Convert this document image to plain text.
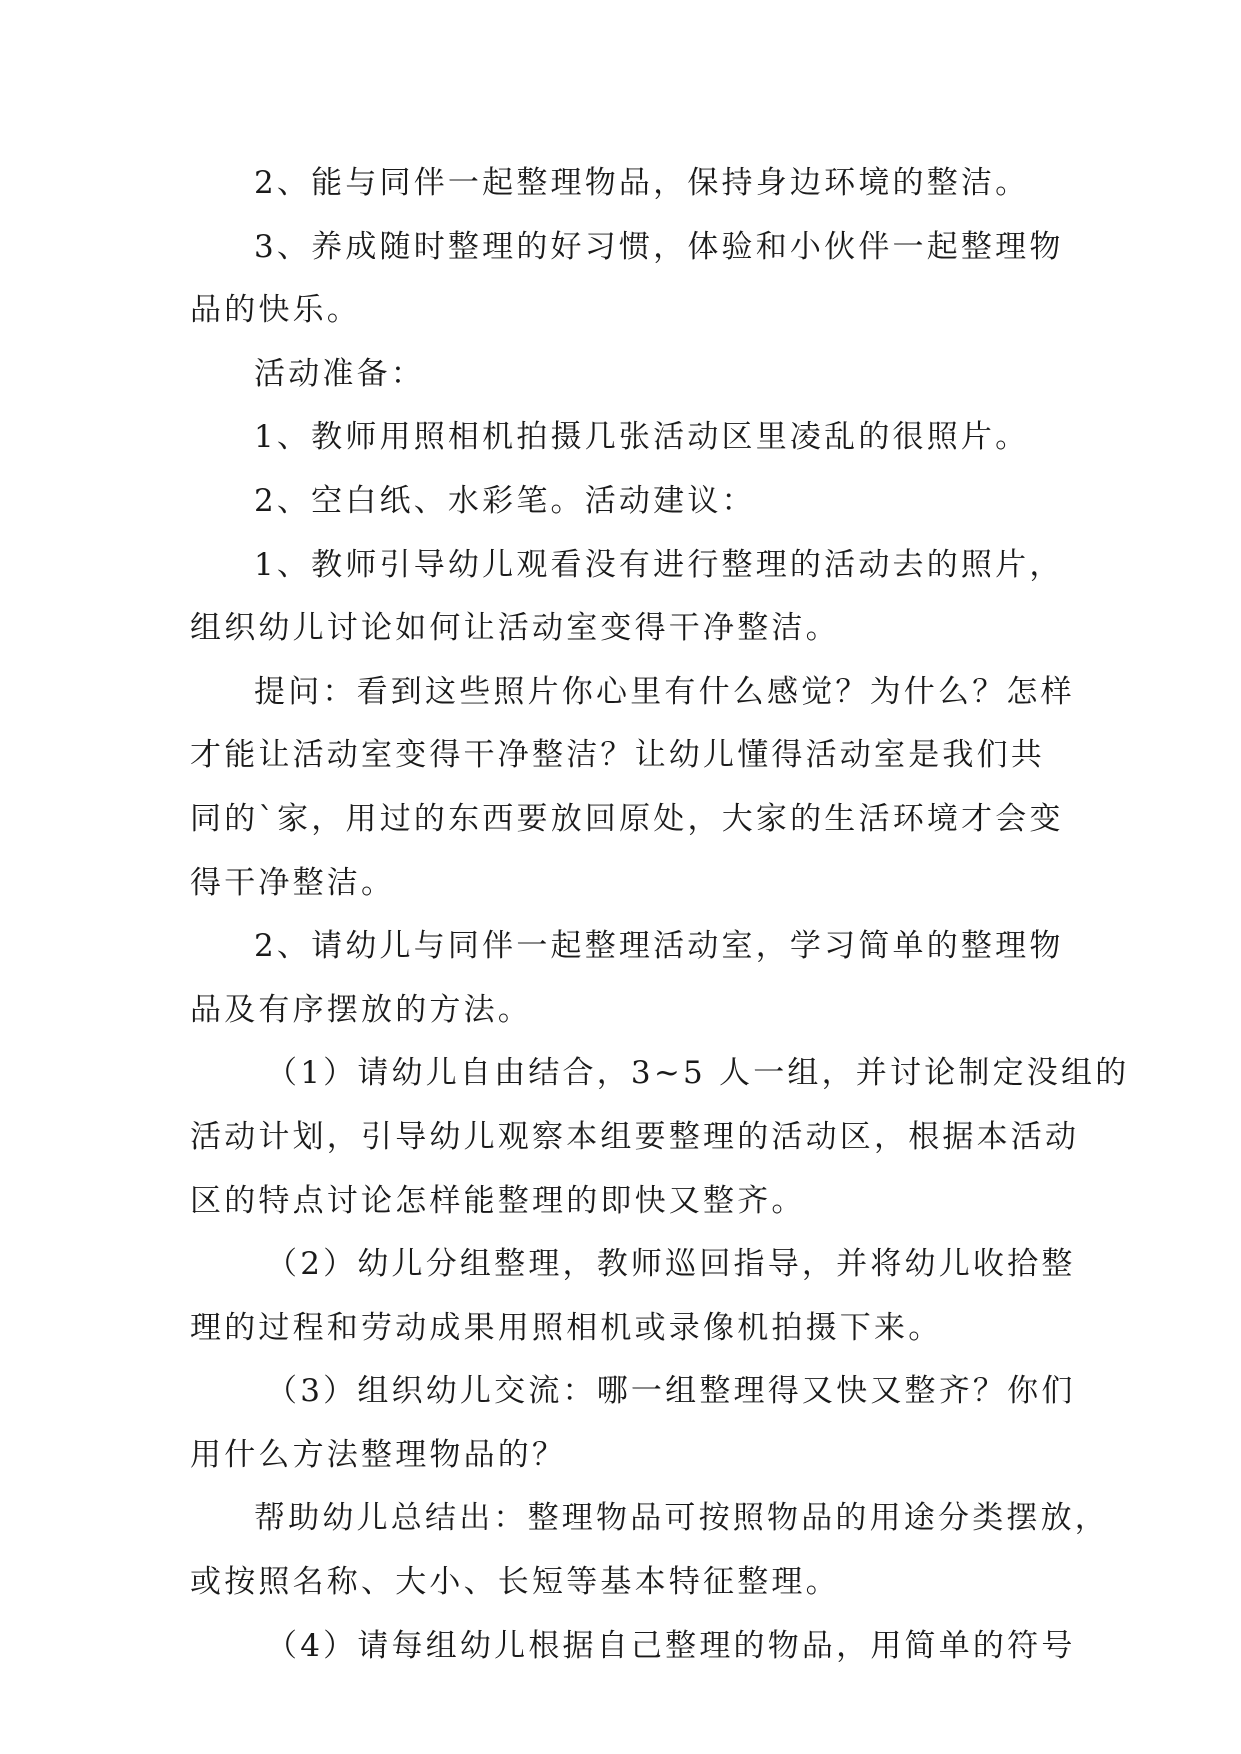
2、能与同伴一起整理物品，保持身边环境的整洁。
3、养成随时整理的好习惯，体验和小伙伴一起整理物
品的快乐。
活动准备：
1、教师用照相机拍摄几张活动区里凌乱的很照片。
2、空白纸、水彩笔。活动建议：
1、教师引导幼儿观看没有进行整理的活动去的照片，
组织幼儿讨论如何让活动室变得干净整洁。
提问：看到这些照片你心里有什么感觉？为什么？怎样
才能让活动室变得干净整洁？让幼儿懂得活动室是我们共
同的`家，用过的东西要放回原处，大家的生活环境才会变
得干净整洁。
2、请幼儿与同伴一起整理活动室，学习简单的整理物
品及有序摆放的方法。
（1）请幼儿自由结合，3~5 人一组，并讨论制定没组的
活动计划，引导幼儿观察本组要整理的活动区，根据本活动
区的特点讨论怎样能整理的即快又整齐。
（2）幼儿分组整理，教师巡回指导，并将幼儿收拾整
理的过程和劳动成果用照相机或录像机拍摄下来。
（3）组织幼儿交流：哪一组整理得又快又整齐？你们
用什么方法整理物品的？
帮助幼儿总结出：整理物品可按照物品的用途分类摆放，
或按照名称、大小、长短等基本特征整理。
（4）请每组幼儿根据自己整理的物品，用简单的符号
